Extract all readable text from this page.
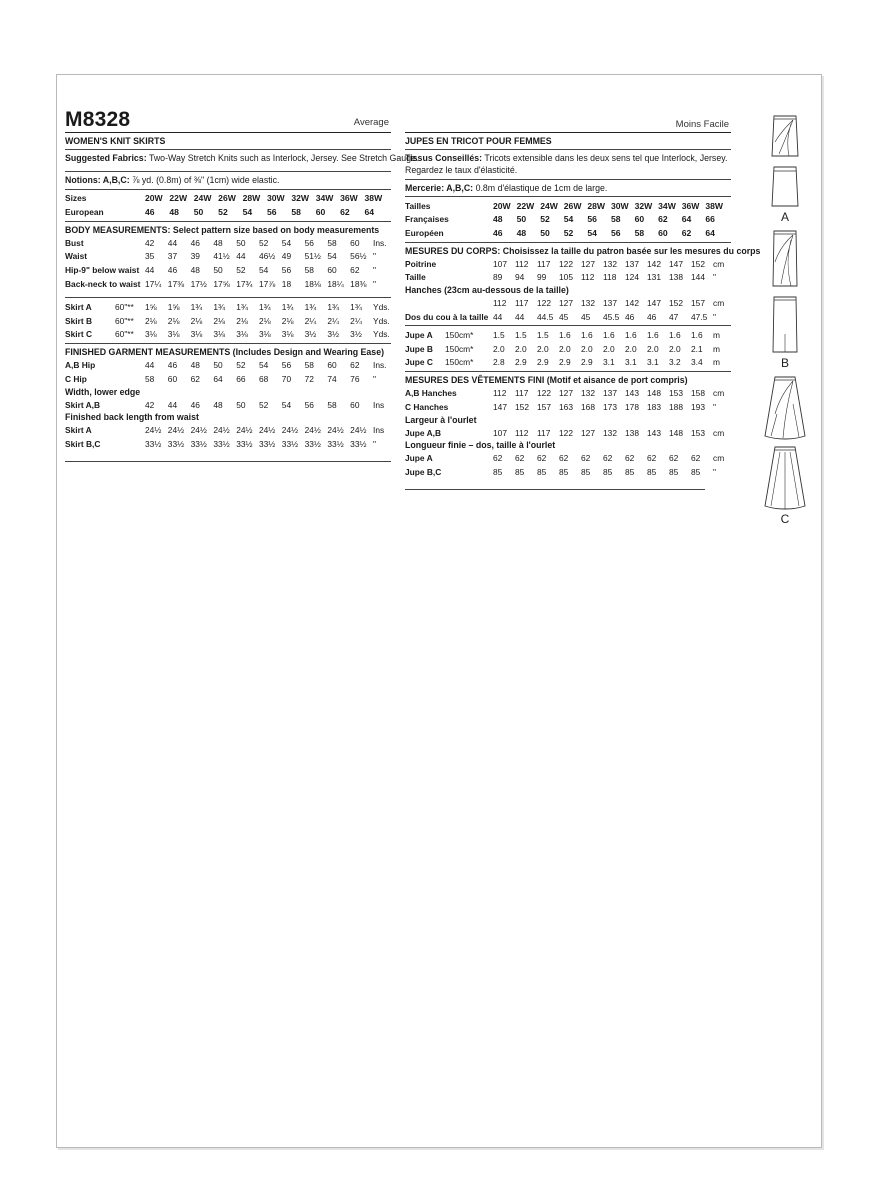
M8328	Average
WOMEN'S KNIT SKIRTS
Suggested Fabrics: Two-Way Stretch Knits such as Interlock, Jersey. See Stretch Gauge.
Notions: A,B,C: ⅞ yd. (0.8m) of ⅜" (1cm) wide elastic.
Sizes	20W	22W	24W	26W	28W	30W	32W	34W	36W	38W	
European	46	48	50	52	54	56	58	60	62	64	
BODY MEASUREMENTS: Select pattern size based on body measurements
Bust	42	44	46	48	50	52	54	56	58	60	Ins.
Waist	35	37	39	41½	44	46½	49	51½	54	56½	"
Hip-9" below waist	44	46	48	50	52	54	56	58	60	62	"
Back-neck to waist	17¼	17⅜	17½	17⅝	17¾	17⅞	18	18⅛	18¼	18⅜	"
Skirt A	60"**	1⅝	1⅝	1¾	1¾	1¾	1¾	1¾	1¾	1¾	1¾	Yds.
Skirt B	60"**	2⅛	2⅛	2⅛	2⅛	2⅛	2⅛	2⅛	2¼	2¼	2¼	Yds.
Skirt C	60"**	3⅛	3⅛	3⅛	3⅛	3⅛	3⅛	3⅛	3½	3½	3½	Yds.
FINISHED GARMENT MEASUREMENTS (Includes Design and Wearing Ease)
A,B Hip	44	46	48	50	52	54	56	58	60	62	Ins.
C Hip	58	60	62	64	66	68	70	72	74	76	"
Width, lower edge
Skirt A,B	42	44	46	48	50	52	54	56	58	60	Ins
Finished back length from waist
Skirt A	24½	24½	24½	24½	24½	24½	24½	24½	24½	24½	Ins
Skirt B,C	33½	33½	33½	33½	33½	33½	33½	33½	33½	33½	"
Moins Facile
JUPES EN TRICOT POUR FEMMES
Tissus Conseillés: Tricots extensible dans les deux sens tel que Interlock, Jersey. Regardez le taux d'élasticité.
Mercerie: A,B,C: 0.8m d'élastique de 1cm de large.
Tailles	20W	22W	24W	26W	28W	30W	32W	34W	36W	38W	
Françaises	48	50	52	54	56	58	60	62	64	66	
Européen	46	48	50	52	54	56	58	60	62	64	
MESURES DU CORPS: Choisissez la taille du patron basée sur les mesures du corps
Poitrine	107	112	117	122	127	132	137	142	147	152	cm
Taille	89	94	99	105	112	118	124	131	138	144	"
Hanches (23cm au-dessous de la taille)
	112	117	122	127	132	137	142	147	152	157	cm
Dos du cou à la taille	44	44	44.5	45	45	45.5	46	46	47	47.5	"
Jupe A	150cm*	1.5	1.5	1.5	1.6	1.6	1.6	1.6	1.6	1.6	1.6	m
Jupe B	150cm*	2.0	2.0	2.0	2.0	2.0	2.0	2.0	2.0	2.0	2.1	m
Jupe C	150cm*	2.8	2.9	2.9	2.9	2.9	3.1	3.1	3.1	3.2	3.4	m
MESURES DES VÊTEMENTS FINI (Motif et aisance de port compris)
A,B Hanches	112	117	122	127	132	137	143	148	153	158	cm
C Hanches	147	152	157	163	168	173	178	183	188	193	"
Largeur à l'ourlet
Jupe A,B	107	112	117	122	127	132	138	143	148	153	cm
Longueur finie – dos, taille à l'ourlet
Jupe A	62	62	62	62	62	62	62	62	62	62	cm
Jupe B,C	85	85	85	85	85	85	85	85	85	85	"
A
B
C
